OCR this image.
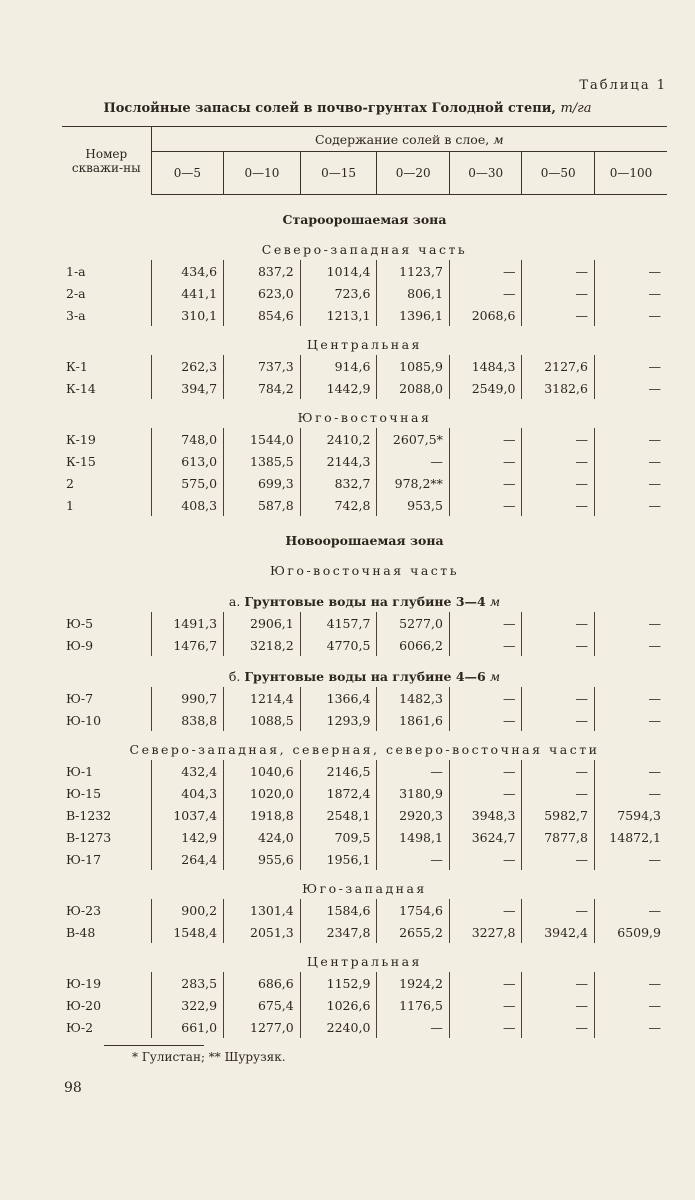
Таблица 1
Послойные запасы солей в почво-грунтах Голодной степи, т/га
Номер скважи-ны	Содержание солей в слое, м						
	0—5	0—10	0—15	0—20	0—30	0—50	0—100
Староорошаемая зона							
Северо-западная часть							
1-а	434,6	837,2	1014,4	1123,7	—	—	—
2-а	441,1	623,0	723,6	806,1	—	—	—
3-а	310,1	854,6	1213,1	1396,1	2068,6	—	—
Центральная							
К-1	262,3	737,3	914,6	1085,9	1484,3	2127,6	—
К-14	394,7	784,2	1442,9	2088,0	2549,0	3182,6	—
Юго-восточная							
К-19	748,0	1544,0	2410,2	2607,5*	—	—	—
К-15	613,0	1385,5	2144,3	—	—	—	—
2	575,0	699,3	832,7	978,2**	—	—	—
1	408,3	587,8	742,8	953,5	—	—	—
Новоорошаемая зона							
Юго-восточная часть							
а. Грунтовые воды на глубине 3—4 м							
Ю-5	1491,3	2906,1	4157,7	5277,0	—	—	—
Ю-9	1476,7	3218,2	4770,5	6066,2	—	—	—
б. Грунтовые воды на глубине 4—6 м							
Ю-7	990,7	1214,4	1366,4	1482,3	—	—	—
Ю-10	838,8	1088,5	1293,9	1861,6	—	—	—
Северо-западная, северная, северо-восточная части							
Ю-1	432,4	1040,6	2146,5	—	—	—	—
Ю-15	404,3	1020,0	1872,4	3180,9	—	—	—
В-1232	1037,4	1918,8	2548,1	2920,3	3948,3	5982,7	7594,3
В-1273	142,9	424,0	709,5	1498,1	3624,7	7877,8	14872,1
Ю-17	264,4	955,6	1956,1	—	—	—	—
Юго-западная							
Ю-23	900,2	1301,4	1584,6	1754,6	—	—	—
В-48	1548,4	2051,3	2347,8	2655,2	3227,8	3942,4	6509,9
Центральная							
Ю-19	283,5	686,6	1152,9	1924,2	—	—	—
Ю-20	322,9	675,4	1026,6	1176,5	—	—	—
Ю-2	661,0	1277,0	2240,0	—	—	—	—
* Гулистан; ** Шурузяк.
98
